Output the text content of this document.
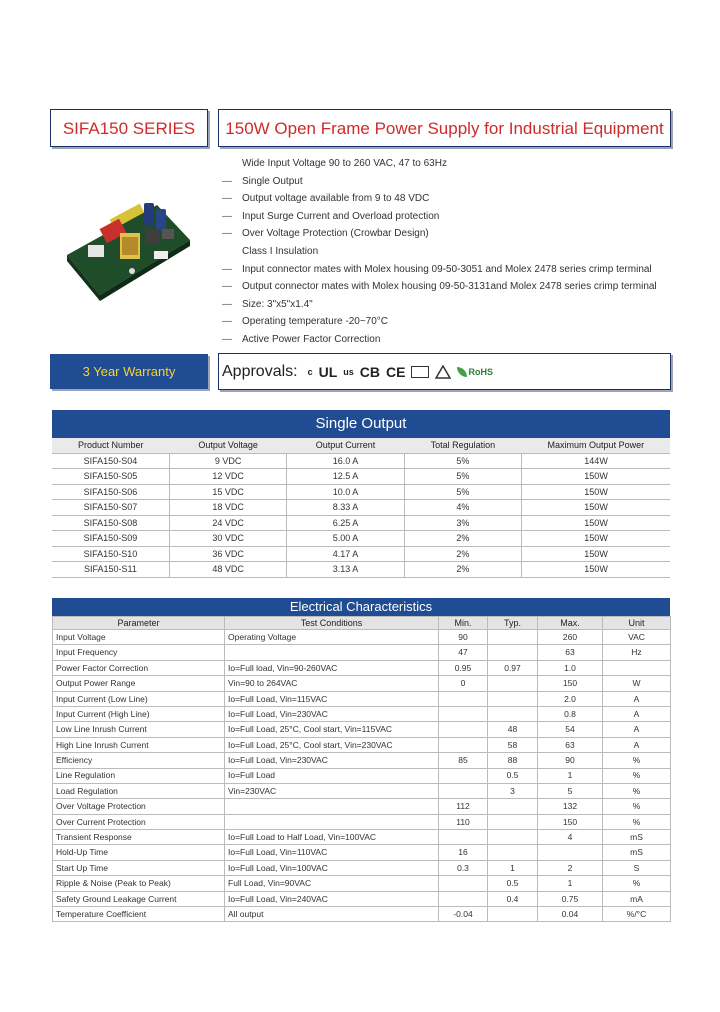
SIFA150 SERIES	150W Open Frame Power Supply for Industrial Equipment
Wide Input Voltage 90 to 260 VAC, 47 to 63Hz
—	Single Output
—	Output voltage available from 9 to 48 VDC
—	Input Surge Current and Overload protection
—	Over Voltage Protection (Crowbar Design)
Class I Insulation
—	Input connector mates with Molex housing 09-50-3051 and Molex 2478 series crimp terminal
—	Output connector mates with Molex housing 09-50-3131and Molex 2478 series crimp terminal
—	Size: 3"x5"x1.4"
—	Operating temperature -20~70°C
—	Active Power Factor Correction
3 Year Warranty	Approvals: c UL us CB CE	RoHS
Single Output
Product Number	Output Voltage	Output Current	Total Regulation	Maximum Output Power
SIFA150-S04	9 VDC	16.0 A	5%	144W
SIFA150-S05	12 VDC	12.5 A	5%	150W
SIFA150-S06	15 VDC	10.0 A	5%	150W
SIFA150-S07	18 VDC	8.33 A	4%	150W
SIFA150-S08	24 VDC	6.25 A	3%	150W
SIFA150-S09	30 VDC	5.00 A	2%	150W
SIFA150-S10	36 VDC	4.17 A	2%	150W
SIFA150-S11	48 VDC	3.13 A	2%	150W
Electrical Characteristics
Parameter	Test Conditions	Min.	Typ.	Max.	Unit
Input Voltage	Operating Voltage	90		260	VAC
Input Frequency		47		63	Hz
Power Factor Correction	Io=Full load, Vin=90-260VAC	0.95	0.97	1.0	
Output Power Range	Vin=90 to 264VAC	0		150	W
Input Current (Low Line)	Io=Full Load, Vin=115VAC			2.0	A
Input Current (High Line)	Io=Full Load, Vin=230VAC			0.8	A
Low Line Inrush Current	Io=Full Load, 25°C, Cool start, Vin=115VAC		48	54	A
High Line Inrush Current	Io=Full Load, 25°C, Cool start, Vin=230VAC		58	63	A
Efficiency	Io=Full Load, Vin=230VAC	85	88	90	%
Line Regulation	Io=Full Load		0.5	1	%
Load Regulation	Vin=230VAC		3	5	%
Over Voltage Protection		112		132	%
Over Current Protection		110		150	%
Transient Response	Io=Full Load to Half Load, Vin=100VAC			4	mS
Hold-Up Time	Io=Full Load, Vin=110VAC	16			mS
Start Up Time	Io=Full Load, Vin=100VAC	0.3	1	2	S
Ripple & Noise (Peak to Peak)	Full Load, Vin=90VAC		0.5	1	%
Safety Ground Leakage Current	Io=Full Load, Vin=240VAC		0.4	0.75	mA
Temperature Coefficient	All output	-0.04		0.04	%/°C
